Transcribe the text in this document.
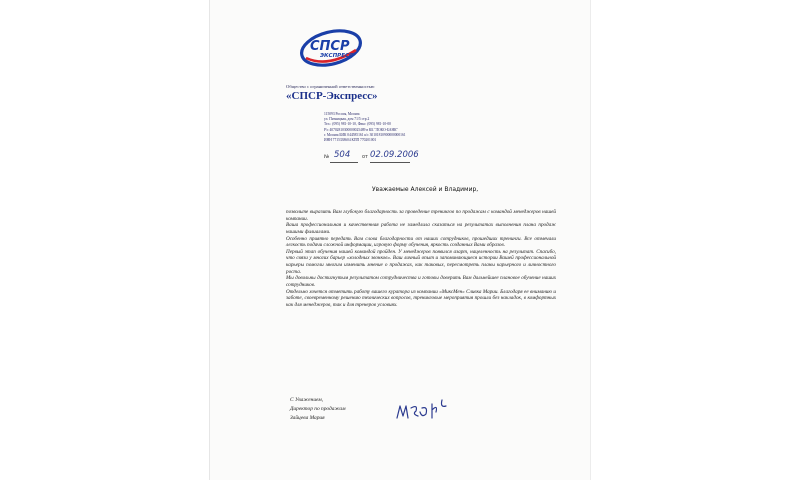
СПСР
ЭКСПРЕСС
Общество с ограниченной ответственностью
«СПСР-Экспресс»
115093 Россия, Москва
ул. Пятницкая, дом 71/5 стр.2
Тел.: (095) 981-10-10, Факс: (095) 981-10-00
Р/с 40702810300000025489 в КБ "ЛОКО-БАНК"
г. Москва БИК 044585161 к/с 30101810900000000161
ИНН 7715338604 КПП 770201001
№ 504 от 02.09.2006
Уважаемые Алексей и Владимир,

позвольте выразить Вам глубокую благодарность за проведение тренингов по продажам с командой менеджеров нашей компании.

Ваша профессиональная и качественная работа не замедлила сказаться на результатах выполнения плана продаж нашими филиалами.

Особенно приятно передать Вам слова благодарности от наших сотрудников, прошедших тренинги. Все отмечали легкость подачи сложной информации, игровую форму обучения, яркость созданных Вами образов.

Первый этап обучения нашей командой пройден. У менеджеров появился азарт, нацеленность на результат. Спасибо, что связи у многих барьер «холодных звонков». Ваш личный опыт и запоминающиеся истории Вашей профессиональной карьеры помогли многим изменить мнение о продажах, как таковых, пересмотреть планы карьерного и личностного роста.

Мы довольны достигнутым результатом сотрудничества и готовы доверить Вам дальнейшее плановое обучение наших сотрудников.

Отдельно хочется отметить работу вашего куратора из компании «МиксМен» Сливка Марии. Благодаря ее вниманию и заботе, своевременному решению технических вопросов, тренинговые мероприятия прошли без накладок, в комфортных как для менеджеров, так и для тренеров условиях.

С Уважением,
Директор по продажам
Зайцева Мария
